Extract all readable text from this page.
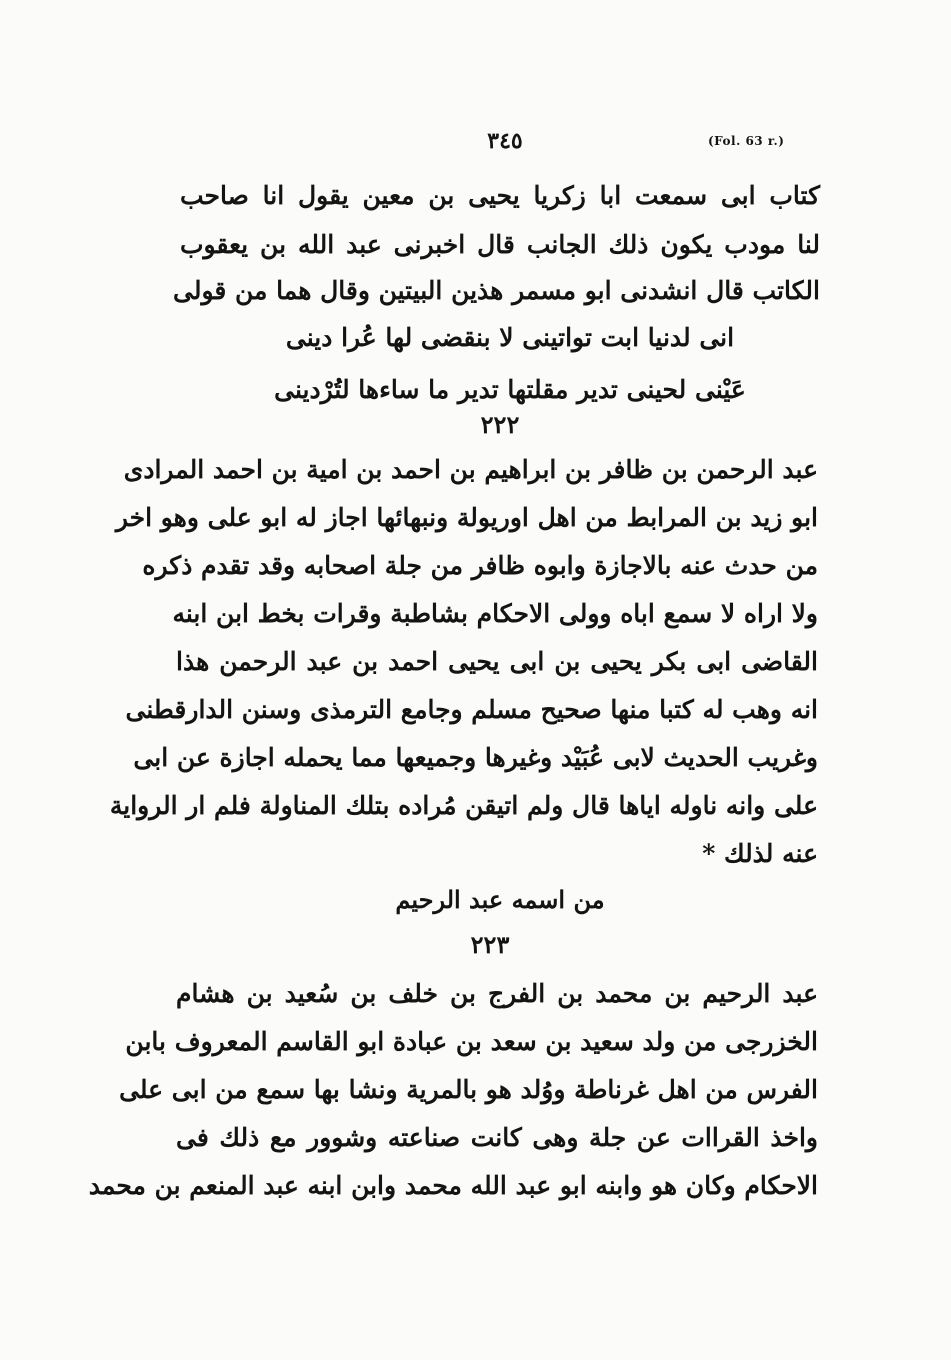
٣٤٥	(Fol. 63 r.)
كتاب ابى سمعت ابا زكريا يحيى بن معين يقول انا صاحب
لنا مودب يكون ذلك الجانب قال اخبرنى عبد الله بن يعقوب
الكاتب قال انشدنى ابو مسمر هذين البيتين وقال هما من قولى
انى لدنيا ابت تواتينى لا بنقضى لها عُرا دينى
عَيْنى لحينى تدير مقلتها تدير ما ساءها لتُرْدينى
٢٢٢
عبد الرحمن بن ظافر بن ابراهيم بن احمد بن امية بن احمد المرادى
ابو زيد بن المرابط من اهل اوريولة ونبهائها اجاز له ابو على وهو اخر
من حدث عنه بالاجازة وابوه ظافر من جلة اصحابه وقد تقدم ذكره
ولا اراه لا سمع اباه وولى الاحكام بشاطبة وقرات بخط ابن ابنه
القاضى ابى بكر يحيى بن ابى يحيى احمد بن عبد الرحمن هذا
انه وهب له كتبا منها صحيح مسلم وجامع الترمذى وسنن الدارقطنى
وغريب الحديث لابى عُبَيْد وغيرها وجميعها مما يحمله اجازة عن ابى
على وانه ناوله اياها قال ولم اتيقن مُراده بتلك المناولة فلم ار الرواية
عنه لذلك *
من اسمه عبد الرحيم
٢٢٣
عبد الرحيم بن محمد بن الفرج بن خلف بن سُعيد بن هشام
الخزرجى من ولد سعيد بن سعد بن عبادة ابو القاسم المعروف بابن
الفرس من اهل غرناطة ووُلد هو بالمرية ونشا بها سمع من ابى على
واخذ القراات عن جلة وهى كانت صناعته وشوور مع ذلك فى
الاحكام وكان هو وابنه ابو عبد الله محمد وابن ابنه عبد المنعم بن محمد
